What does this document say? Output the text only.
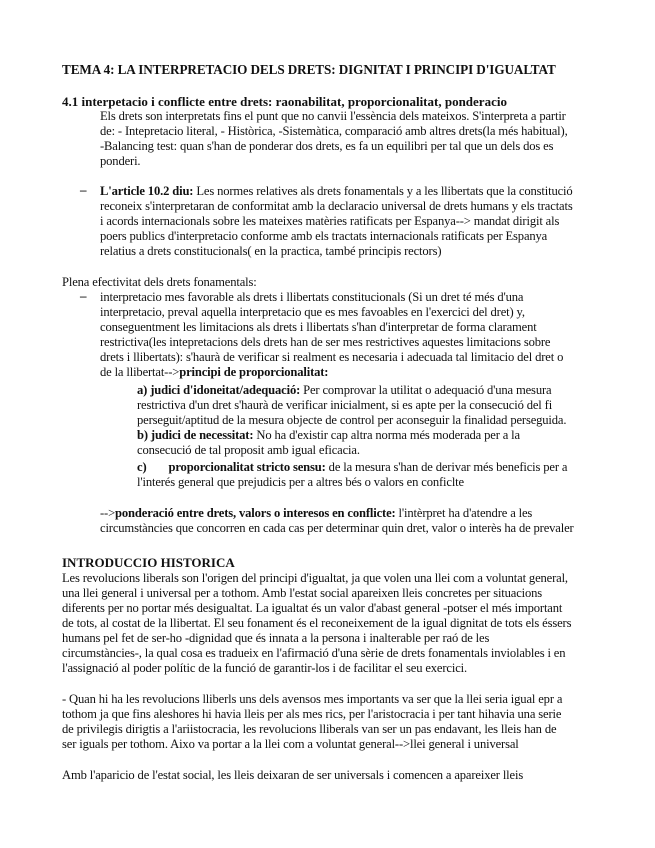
TEMA 4: LA INTERPRETACIO DELS DRETS: DIGNITAT I PRINCIPI D'IGUALTAT
4.1 interpetacio i conflicte entre drets: raonabilitat, proporcionalitat, ponderacio
Els drets son interpretats fins el punt que no canvii l'essència dels mateixos. S'interpreta a partir
de: - Intepretacio literal, - Històrica, -Sistemàtica, comparació amb altres drets(la més habitual),
-Balancing test: quan s'han de ponderar dos drets, es fa un equilibri per tal que un dels dos es
ponderi.
– L'article 10.2 diu: Les normes relatives als drets fonamentals y a les llibertats que la constitució
reconeix s'interpretaran de conformitat amb la declaracio universal de drets humans y els tractats
i acords internacionals sobre les mateixes matèries ratificats per Espanya--> mandat dirigit als
poers publics d'interpretacio conforme amb els tractats internacionals ratificats per Espanya
relatius a drets constitucionals( en la practica, també principis rectors)
Plena efectivitat dels drets fonamentals:
– interpretacio mes favorable als drets i llibertats constitucionals (Si un dret té més d'una
interpretacio, preval aquella interpretacio que es mes favoables en l'exercici del dret) y,
conseguentment les limitacions als drets i llibertats s'han d'interpretar de forma clarament
restrictiva(les intepretacions dels drets han de ser mes restrictives aquestes limitacions sobre
drets i llibertats): s'haurà de verificar si realment es necesaria i adecuada tal limitacio del dret o
de la llibertat-->principi de proporcionalitat:
a) judici d'idoneitat/adequació: Per comprovar la utilitat o adequació d'una mesura
restrictiva d'un dret s'haurà de verificar inicialment, si es apte per la consecució del fi
perseguit/aptitud de la mesura objecte de control per aconseguir la finalidad perseguida.
b) judici de necessitat: No ha d'existir cap altra norma més moderada per a la
consecució de tal proposit amb igual eficacia.
c) proporcionalitat stricto sensu: de la mesura s'han de derivar més beneficis per a
l'interés general que prejudicis per a altres bés o valors en conficlte
-->ponderació entre drets, valors o interesos en conflicte: l'intèrpret ha d'atendre a les
circumstàncies que concorren en cada cas per determinar quin dret, valor o interès ha de prevaler
INTRODUCCIO HISTORICA
Les revolucions liberals son l'origen del principi d'igualtat, ja que volen una llei com a voluntat general,
una llei general i universal per a tothom. Amb l'estat social apareixen lleis concretes per situacions
diferents per no portar més desigualtat. La igualtat és un valor d'abast general -potser el més important
de tots, al costat de la llibertat. El seu fonament és el reconeixement de la igual dignitat de tots els éssers
humans pel fet de ser-ho -dignidad que és innata a la persona i inalterable per raó de les
circumstàncies-, la qual cosa es tradueix en l'afirmació d'una sèrie de drets fonamentals inviolables i en
l'assignació al poder polític de la funció de garantir-los i de facilitar el seu exercici.
- Quan hi ha les revolucions lliberls uns dels avensos mes importants va ser que la llei seria igual epr a
tothom ja que fins aleshores hi havia lleis per als mes rics, per l'aristocracia i per tant hihavia una serie
de privilegis dirigtis a l'ariistocracia, les revolucions lliberals van ser un pas endavant, les lleis han de
ser iguals per tothom. Aixo va portar a la llei com a voluntat general-->llei general i universal
Amb l'aparicio de l'estat social, les lleis deixaran de ser universals i comencen a apareixer lleis
